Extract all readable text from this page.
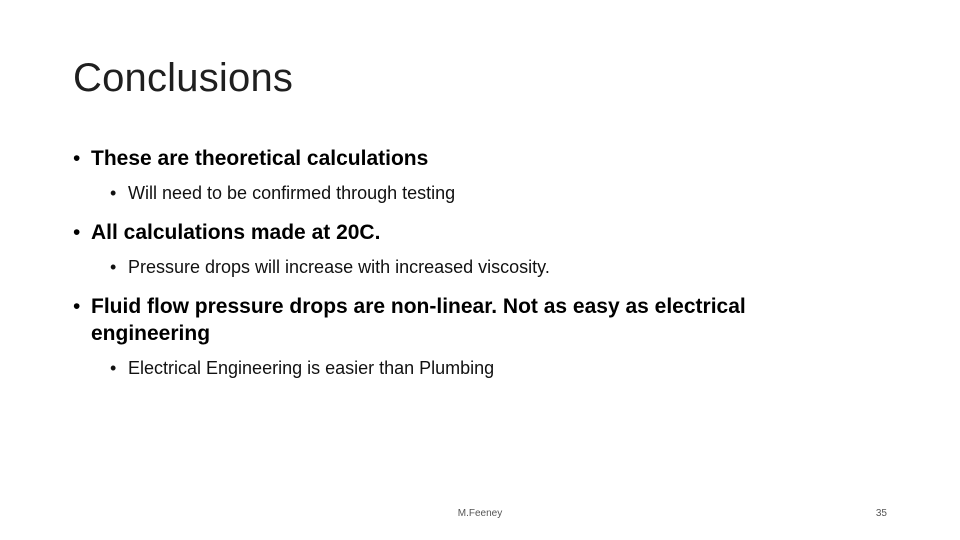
Conclusions
• These are theoretical calculations
• Will need to be confirmed through testing
• All calculations made at 20C.
• Pressure drops will increase with increased viscosity.
• Fluid flow pressure drops are non-linear. Not as easy as electrical engineering
• Electrical Engineering is easier than Plumbing
M.Feeney	35
